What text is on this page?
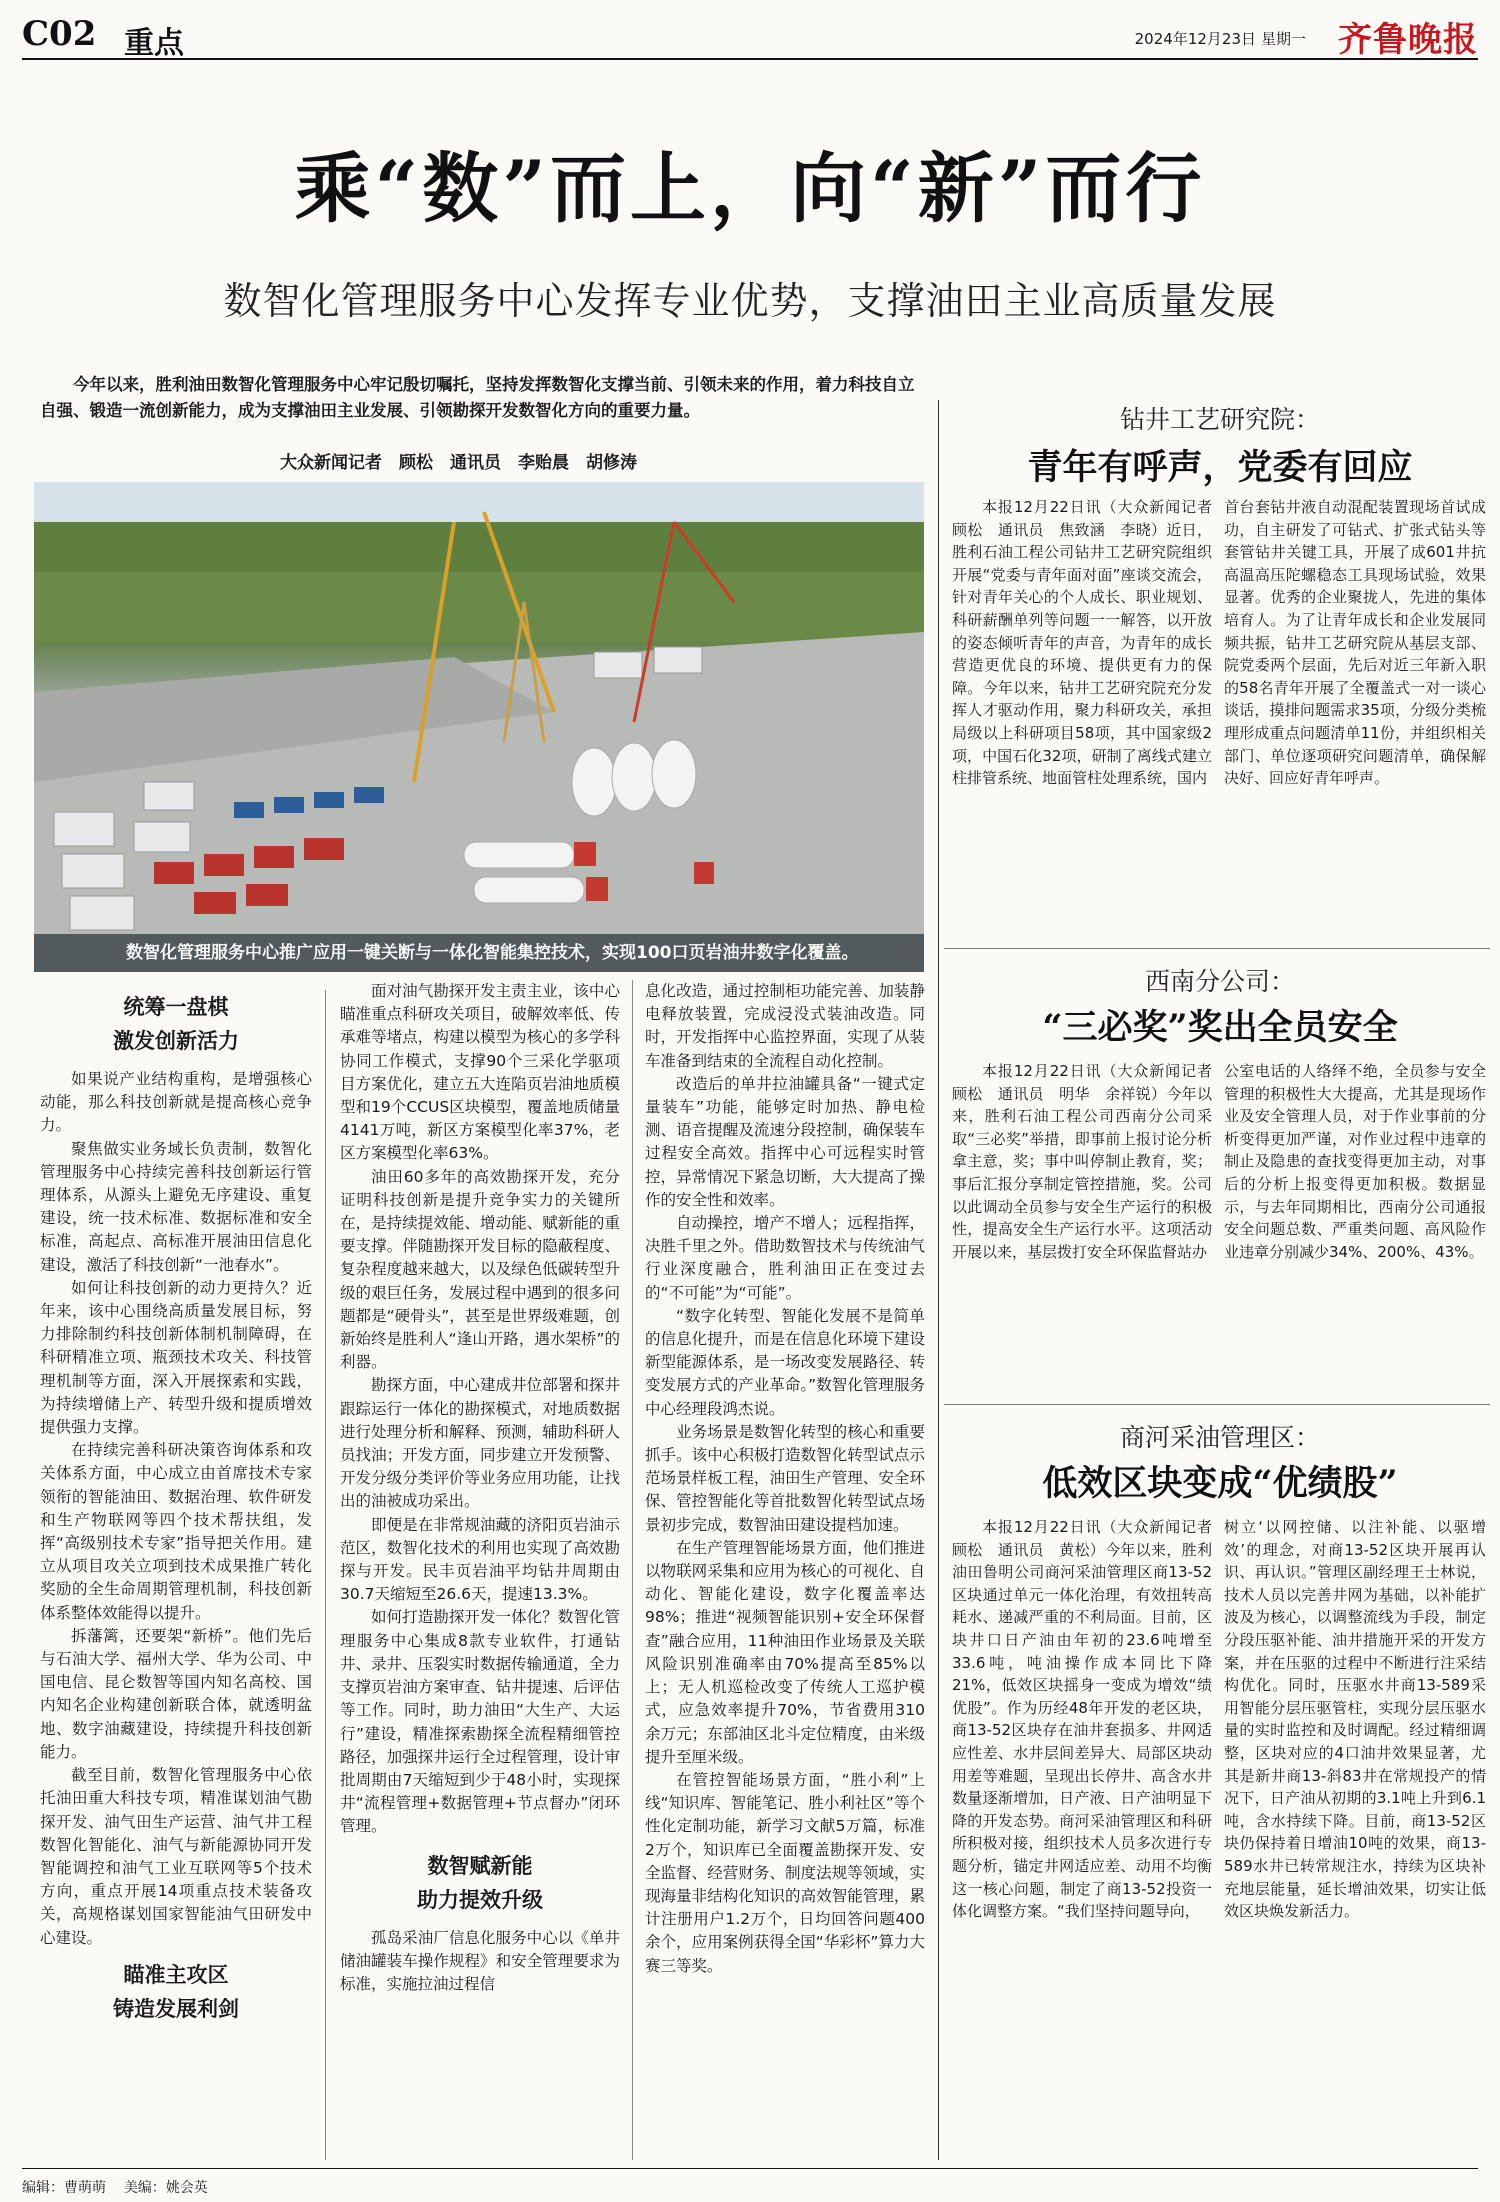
C02 重点	2024年12月23日 星期一 齐鲁晚报
乘“数”而上，向“新”而行
数智化管理服务中心发挥专业优势，支撑油田主业高质量发展
今年以来，胜利油田数智化管理服务中心牢记殷切嘱托，坚持发挥数智化支撑当前、引领未来的作用，着力科技自立自强、锻造一流创新能力，成为支撑油田主业发展、引领勘探开发数智化方向的重要力量。
大众新闻记者　顾松　通讯员　李贻晨　胡修涛
数智化管理服务中心推广应用一键关断与一体化智能集控技术，实现100口页岩油井数字化覆盖。
统筹一盘棋
激发创新活力

如果说产业结构重构，是增强核心动能，那么科技创新就是提高核心竞争力。

聚焦做实业务域长负责制，数智化管理服务中心持续完善科技创新运行管理体系，从源头上避免无序建设、重复建设，统一技术标准、数据标准和安全标准，高起点、高标准开展油田信息化建设，激活了科技创新“一池春水”。

如何让科技创新的动力更持久？近年来，该中心围绕高质量发展目标，努力排除制约科技创新体制机制障碍，在科研精准立项、瓶颈技术攻关、科技管理机制等方面，深入开展探索和实践，为持续增储上产、转型升级和提质增效提供强力支撑。

在持续完善科研决策咨询体系和攻关体系方面，中心成立由首席技术专家领衔的智能油田、数据治理、软件研发和生产物联网等四个技术帮扶组，发挥“高级别技术专家”指导把关作用。建立从项目攻关立项到技术成果推广转化奖励的全生命周期管理机制，科技创新体系整体效能得以提升。

拆藩篱，还要架“新桥”。他们先后与石油大学、福州大学、华为公司、中国电信、昆仑数智等国内知名高校、国内知名企业构建创新联合体，就透明盆地、数字油藏建设，持续提升科技创新能力。

截至目前，数智化管理服务中心依托油田重大科技专项，精准谋划油气勘探开发、油气田生产运营、油气井工程数智化智能化、油气与新能源协同开发智能调控和油气工业互联网等5个技术方向，重点开展14项重点技术装备攻关，高规格谋划国家智能油气田研发中心建设。

瞄准主攻区
铸造发展利剑

面对油气勘探开发主责主业，该中心瞄准重点科研攻关项目，破解效率低、传承难等堵点，构建以模型为核心的多学科协同工作模式，支撑90个三采化学驱项目方案优化，建立五大连陷页岩油地质模型和19个CCUS区块模型，覆盖地质储量4141万吨，新区方案模型化率37%，老区方案模型化率63%。

油田60多年的高效勘探开发，充分证明科技创新是提升竞争实力的关键所在，是持续提效能、增动能、赋新能的重要支撑。伴随勘探开发目标的隐蔽程度、复杂程度越来越大，以及绿色低碳转型升级的艰巨任务，发展过程中遇到的很多问题都是“硬骨头”，甚至是世界级难题，创新始终是胜利人“逢山开路，遇水架桥”的利器。

勘探方面，中心建成井位部署和探井跟踪运行一体化的勘探模式，对地质数据进行处理分析和解释、预测，辅助科研人员找油；开发方面，同步建立开发预警、开发分级分类评价等业务应用功能，让找出的油被成功采出。

即便是在非常规油藏的济阳页岩油示范区，数智化技术的利用也实现了高效勘探与开发。民丰页岩油平均钻井周期由30.7天缩短至26.6天，提速13.3%。

如何打造勘探开发一体化？数智化管理服务中心集成8款专业软件，打通钻井、录井、压裂实时数据传输通道，全力支撑页岩油方案审查、钻井提速、后评估等工作。同时，助力油田“大生产、大运行”建设，精准探索勘探全流程精细管控路径，加强探井运行全过程管理，设计审批周期由7天缩短到少于48小时，实现探井“流程管理+数据管理+节点督办”闭环管理。

数智赋新能
助力提效升级

孤岛采油厂信息化服务中心以《单井储油罐装车操作规程》和安全管理要求为标准，实施拉油过程信

息化改造，通过控制柜功能完善、加装静电释放装置，完成浸没式装油改造。同时，开发指挥中心监控界面，实现了从装车准备到结束的全流程自动化控制。

改造后的单井拉油罐具备“一键式定量装车”功能，能够定时加热、静电检测、语音提醒及流速分段控制，确保装车过程安全高效。指挥中心可远程实时管控，异常情况下紧急切断，大大提高了操作的安全性和效率。

自动操控，增产不增人；远程指挥，决胜千里之外。借助数智技术与传统油气行业深度融合，胜利油田正在变过去的“不可能”为“可能”。

“数字化转型、智能化发展不是简单的信息化提升，而是在信息化环境下建设新型能源体系，是一场改变发展路径、转变发展方式的产业革命。”数智化管理服务中心经理段鸿杰说。

业务场景是数智化转型的核心和重要抓手。该中心积极打造数智化转型试点示范场景样板工程，油田生产管理、安全环保、管控智能化等首批数智化转型试点场景初步完成，数智油田建设提档加速。

在生产管理智能场景方面，他们推进以物联网采集和应用为核心的可视化、自动化、智能化建设，数字化覆盖率达98%；推进“视频智能识别+安全环保督查”融合应用，11种油田作业场景及关联风险识别准确率由70%提高至85%以上；无人机巡检改变了传统人工巡护模式，应急效率提升70%，节省费用310余万元；东部油区北斗定位精度，由米级提升至厘米级。

在管控智能场景方面，“胜小利”上线“知识库、智能笔记、胜小利社区”等个性化定制功能，新学习文献5万篇，标准2万个，知识库已全面覆盖勘探开发、安全监督、经营财务、制度法规等领域，实现海量非结构化知识的高效智能管理，累计注册用户1.2万个，日均回答问题400余个，应用案例获得全国“华彩杯”算力大赛三等奖。

钻井工艺研究院：
青年有呼声，党委有回应

本报12月22日讯（大众新闻记者　顾松　通讯员　焦致涵　李晓）近日，胜利石油工程公司钻井工艺研究院组织开展“党委与青年面对面”座谈交流会，针对青年关心的个人成长、职业规划、科研薪酬单列等问题一一解答，以开放的姿态倾听青年的声音，为青年的成长营造更优良的环境、提供更有力的保障。今年以来，钻井工艺研究院充分发挥人才驱动作用，聚力科研攻关，承担局级以上科研项目58项，其中国家级2项，中国石化32项，研制了离线式建立柱排管系统、地面管柱处理系统，国内

首台套钻井液自动混配装置现场首试成功，自主研发了可钻式、扩张式钻头等套管钻井关键工具，开展了成601井抗高温高压陀螺稳态工具现场试验，效果显著。优秀的企业聚拢人，先进的集体培育人。为了让青年成长和企业发展同频共振，钻井工艺研究院从基层支部、院党委两个层面，先后对近三年新入职的58名青年开展了全覆盖式一对一谈心谈话，摸排问题需求35项，分级分类梳理形成重点问题清单11份，并组织相关部门、单位逐项研究问题清单，确保解决好、回应好青年呼声。

西南分公司：
“三必奖”奖出全员安全

本报12月22日讯（大众新闻记者　顾松　通讯员　明华　余祥锐）今年以来，胜利石油工程公司西南分公司采取“三必奖”举措，即事前上报讨论分析拿主意，奖；事中叫停制止教育，奖；事后汇报分享制定管控措施，奖。公司以此调动全员参与安全生产运行的积极性，提高安全生产运行水平。这项活动开展以来，基层拨打安全环保监督站办

公室电话的人络绎不绝，全员参与安全管理的积极性大大提高，尤其是现场作业及安全管理人员，对于作业事前的分析变得更加严谨，对作业过程中违章的制止及隐患的查找变得更加主动，对事后的分析上报变得更加积极。数据显示，与去年同期相比，西南分公司通报安全问题总数、严重类问题、高风险作业违章分别减少34%、200%、43%。

商河采油管理区：
低效区块变成“优绩股”

本报12月22日讯（大众新闻记者　顾松　通讯员　黄松）今年以来，胜利油田鲁明公司商河采油管理区商13-52区块通过单元一体化治理，有效扭转高耗水、递减严重的不利局面。目前，区块井口日产油由年初的23.6吨增至33.6吨，吨油操作成本同比下降21%，低效区块摇身一变成为增效“绩优股”。作为历经48年开发的老区块，商13-52区块存在油井套损多、井网适应性差、水井层间差异大、局部区块动用差等难题，呈现出长停井、高含水井数量逐渐增加，日产液、日产油明显下降的开发态势。商河采油管理区和科研所积极对接，组织技术人员多次进行专题分析，锚定井网适应差、动用不均衡这一核心问题，制定了商13-52投资一体化调整方案。“我们坚持问题导向，

树立‘以网控储、以注补能、以驱增效’的理念，对商13-52区块开展再认识、再认识。”管理区副经理王士林说，技术人员以完善井网为基础，以补能扩波及为核心，以调整流线为手段，制定分段压驱补能、油井措施开采的开发方案，并在压驱的过程中不断进行注采结构优化。同时，压驱水井商13-589采用智能分层压驱管柱，实现分层压驱水量的实时监控和及时调配。经过精细调整，区块对应的4口油井效果显著，尤其是新井商13-斜83井在常规投产的情况下，日产油从初期的3.1吨上升到6.1吨，含水持续下降。目前，商13-52区块仍保持着日增油10吨的效果，商13-589水井已转常规注水，持续为区块补充地层能量，延长增油效果，切实让低效区块焕发新活力。

编辑：曹萌萌 美编：姚会英
